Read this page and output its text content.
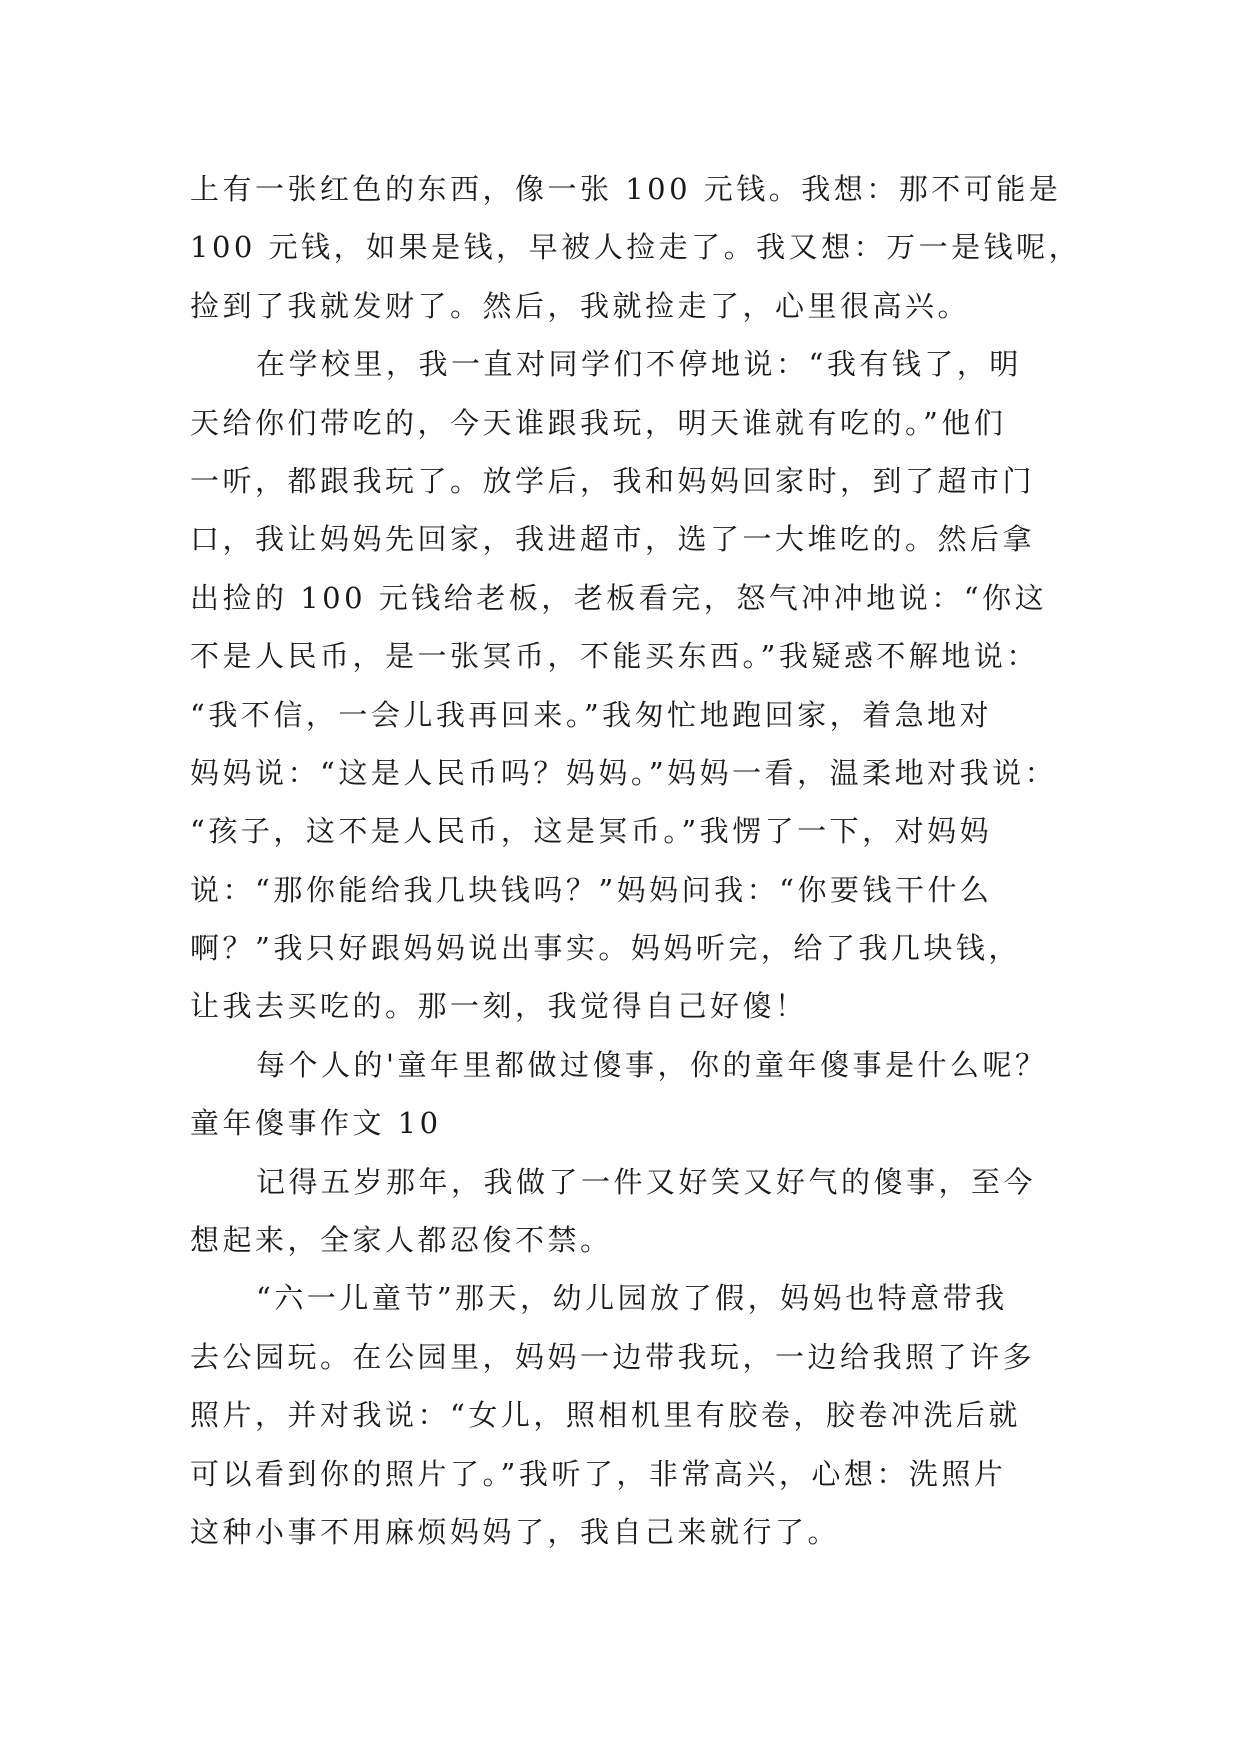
上有一张红色的东西，像一张 100 元钱。我想：那不可能是
100 元钱，如果是钱，早被人捡走了。我又想：万一是钱呢，
捡到了我就发财了。然后，我就捡走了，心里很高兴。
在学校里，我一直对同学们不停地说：“我有钱了，明
天给你们带吃的，今天谁跟我玩，明天谁就有吃的。”他们
一听，都跟我玩了。放学后，我和妈妈回家时，到了超市门
口，我让妈妈先回家，我进超市，选了一大堆吃的。然后拿
出捡的 100 元钱给老板，老板看完，怒气冲冲地说：“你这
不是人民币，是一张冥币，不能买东西。”我疑惑不解地说：
“我不信，一会儿我再回来。”我匆忙地跑回家，着急地对
妈妈说：“这是人民币吗？妈妈。”妈妈一看，温柔地对我说：
“孩子，这不是人民币，这是冥币。”我愣了一下，对妈妈
说：“那你能给我几块钱吗？”妈妈问我：“你要钱干什么
啊？”我只好跟妈妈说出事实。妈妈听完，给了我几块钱，
让我去买吃的。那一刻，我觉得自己好傻！
每个人的'童年里都做过傻事，你的童年傻事是什么呢？
童年傻事作文 10
记得五岁那年，我做了一件又好笑又好气的傻事，至今
想起来，全家人都忍俊不禁。
“六一儿童节”那天，幼儿园放了假，妈妈也特意带我
去公园玩。在公园里，妈妈一边带我玩，一边给我照了许多
照片，并对我说：“女儿，照相机里有胶卷，胶卷冲洗后就
可以看到你的照片了。”我听了，非常高兴，心想：洗照片
这种小事不用麻烦妈妈了，我自己来就行了。
